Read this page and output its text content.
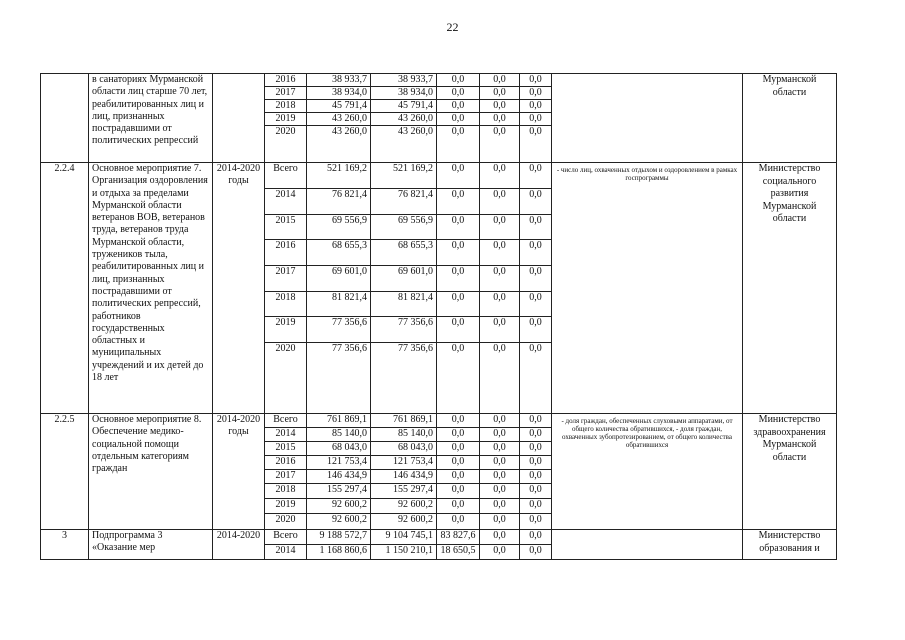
22
	в санаториях Мурманской области лиц старше 70 лет, реабилитированных лиц и лиц, признанных пострадавшими от политических репрессий		2016	38 933,7	38 933,7	0,0	0,0	0,0		Мурманской области
			2017	38 934,0	38 934,0	0,0	0,0	0,0		
			2018	45 791,4	45 791,4	0,0	0,0	0,0		
			2019	43 260,0	43 260,0	0,0	0,0	0,0		
			2020	43 260,0	43 260,0	0,0	0,0	0,0		
2.2.4	Основное мероприятие 7. Организация оздоровления и отдыха за пределами Мурманской области ветеранов ВОВ, ветеранов труда, ветеранов труда Мурманской области, тружеников тыла, реабилитированных лиц и лиц, признанных пострадавшими от политических репрессий, работников государственных областных и муниципальных учреждений и их детей до 18 лет	2014-2020 годы	Всего	521 169,2	521 169,2	0,0	0,0	0,0	- число лиц, охваченных отдыхом и оздоровлением в рамках госпрограммы	Министерство социального развития Мурманской области
			2014	76 821,4	76 821,4	0,0	0,0	0,0		
			2015	69 556,9	69 556,9	0,0	0,0	0,0		
			2016	68 655,3	68 655,3	0,0	0,0	0,0		
			2017	69 601,0	69 601,0	0,0	0,0	0,0		
			2018	81 821,4	81 821,4	0,0	0,0	0,0		
			2019	77 356,6	77 356,6	0,0	0,0	0,0		
			2020	77 356,6	77 356,6	0,0	0,0	0,0		
2.2.5	Основное мероприятие 8. Обеспечение медико-социальной помощи отдельным категориям граждан	2014-2020 годы	Всего	761 869,1	761 869,1	0,0	0,0	0,0	- доля граждан, обеспеченных слуховыми аппаратами, от общего количества обратившихся, - доля граждан, охваченных зубопротезированием, от общего количества обратившихся	Министерство здравоохранения Мурманской области
			2014	85 140,0	85 140,0	0,0	0,0	0,0		
			2015	68 043,0	68 043,0	0,0	0,0	0,0		
			2016	121 753,4	121 753,4	0,0	0,0	0,0		
			2017	146 434,9	146 434,9	0,0	0,0	0,0		
			2018	155 297,4	155 297,4	0,0	0,0	0,0		
			2019	92 600,2	92 600,2	0,0	0,0	0,0		
			2020	92 600,2	92 600,2	0,0	0,0	0,0		
3	Подпрограмма 3 «Оказание мер	2014-2020	Всего	9 188 572,7	9 104 745,1	83 827,6	0,0	0,0		Министерство образования и
			2014	1 168 860,6	1 150 210,1	18 650,5	0,0	0,0		
